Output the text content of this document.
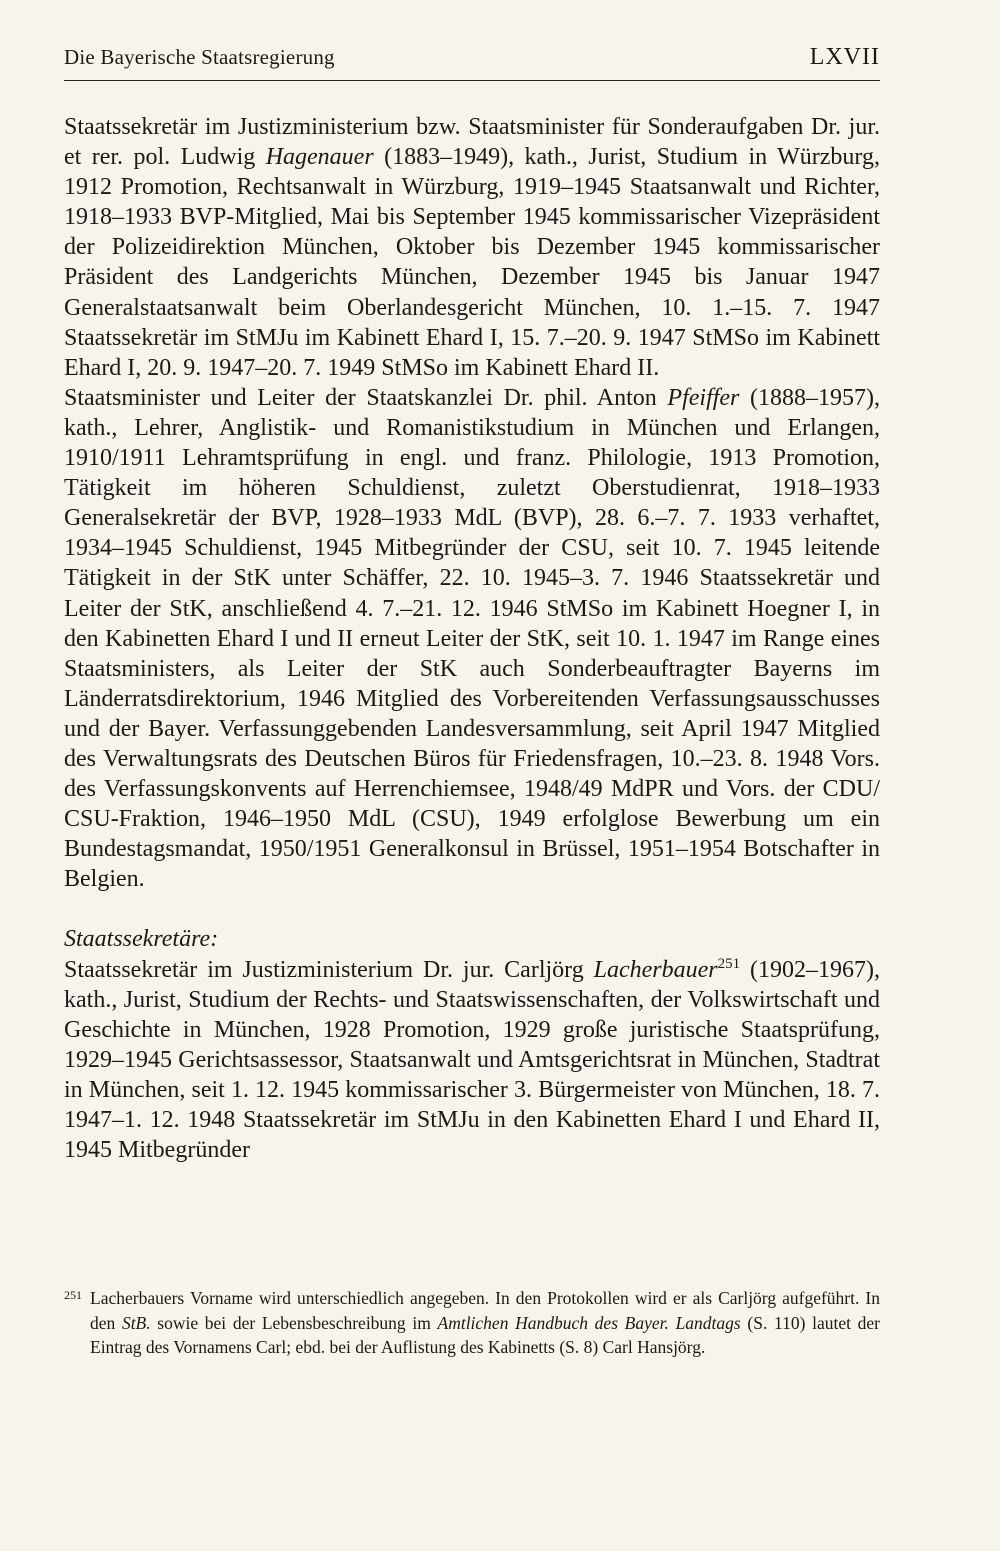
Die Bayerische Staatsregierung	LXVII

Staatssekretär im Justizministerium bzw. Staatsminister für Sonderaufgaben Dr. jur. et rer. pol. Ludwig Hagenauer (1883–1949), kath., Jurist, Studium in Würzburg, 1912 Promotion, Rechtsanwalt in Würzburg, 1919–1945 Staatsanwalt und Richter, 1918–1933 BVP-Mitglied, Mai bis September 1945 kommissarischer Vizepräsident der Polizeidirektion München, Oktober bis Dezember 1945 kommissarischer Präsident des Landgerichts München, Dezember 1945 bis Januar 1947 Generalstaatsanwalt beim Oberlandesgericht München, 10. 1.–15. 7. 1947 Staatssekretär im StMJu im Kabinett Ehard I, 15. 7.–20. 9. 1947 StMSo im Kabinett Ehard I, 20. 9. 1947–20. 7. 1949 StMSo im Kabinett Ehard II.

Staatsminister und Leiter der Staatskanzlei Dr. phil. Anton Pfeiffer (1888–1957), kath., Lehrer, Anglistik- und Romanistikstudium in München und Erlangen, 1910/1911 Lehramtsprüfung in engl. und franz. Philologie, 1913 Promotion, Tätigkeit im höheren Schuldienst, zuletzt Oberstudienrat, 1918–1933 Generalsekretär der BVP, 1928–1933 MdL (BVP), 28. 6.–7. 7. 1933 verhaftet, 1934–1945 Schuldienst, 1945 Mitbegründer der CSU, seit 10. 7. 1945 leitende Tätigkeit in der StK unter Schäffer, 22. 10. 1945–3. 7. 1946 Staatssekretär und Leiter der StK, anschließend 4. 7.–21. 12. 1946 StMSo im Kabinett Hoegner I, in den Kabinetten Ehard I und II erneut Leiter der StK, seit 10. 1. 1947 im Range eines Staatsministers, als Leiter der StK auch Sonderbeauftragter Bayerns im Länderratsdirektorium, 1946 Mitglied des Vorbereitenden Verfassungsausschusses und der Bayer. Verfassunggebenden Landesversammlung, seit April 1947 Mitglied des Verwaltungsrats des Deutschen Büros für Friedensfragen, 10.–23. 8. 1948 Vors. des Verfassungskonvents auf Herrenchiemsee, 1948/49 MdPR und Vors. der CDU/ CSU-Fraktion, 1946–1950 MdL (CSU), 1949 erfolglose Bewerbung um ein Bundestagsmandat, 1950/1951 Generalkonsul in Brüssel, 1951–1954 Botschafter in Belgien.

Staatssekretäre:

Staatssekretär im Justizministerium Dr. jur. Carljörg Lacherbauer$^{251}$ (1902–1967), kath., Jurist, Studium der Rechts- und Staatswissenschaften, der Volkswirtschaft und Geschichte in München, 1928 Promotion, 1929 große juristische Staatsprüfung, 1929–1945 Gerichtsassessor, Staatsanwalt und Amtsgerichtsrat in München, Stadtrat in München, seit 1. 12. 1945 kommissarischer 3. Bürgermeister von München, 18. 7. 1947–1. 12. 1948 Staatssekretär im StMJu in den Kabinetten Ehard I und Ehard II, 1945 Mitbegründer

251 Lacherbauers Vorname wird unterschiedlich angegeben. In den Protokollen wird er als Carljörg aufgeführt. In den StB. sowie bei der Lebensbeschreibung im Amtlichen Handbuch des Bayer. Landtags (S. 110) lautet der Eintrag des Vornamens Carl; ebd. bei der Auflistung des Kabinetts (S. 8) Carl Hansjörg.
